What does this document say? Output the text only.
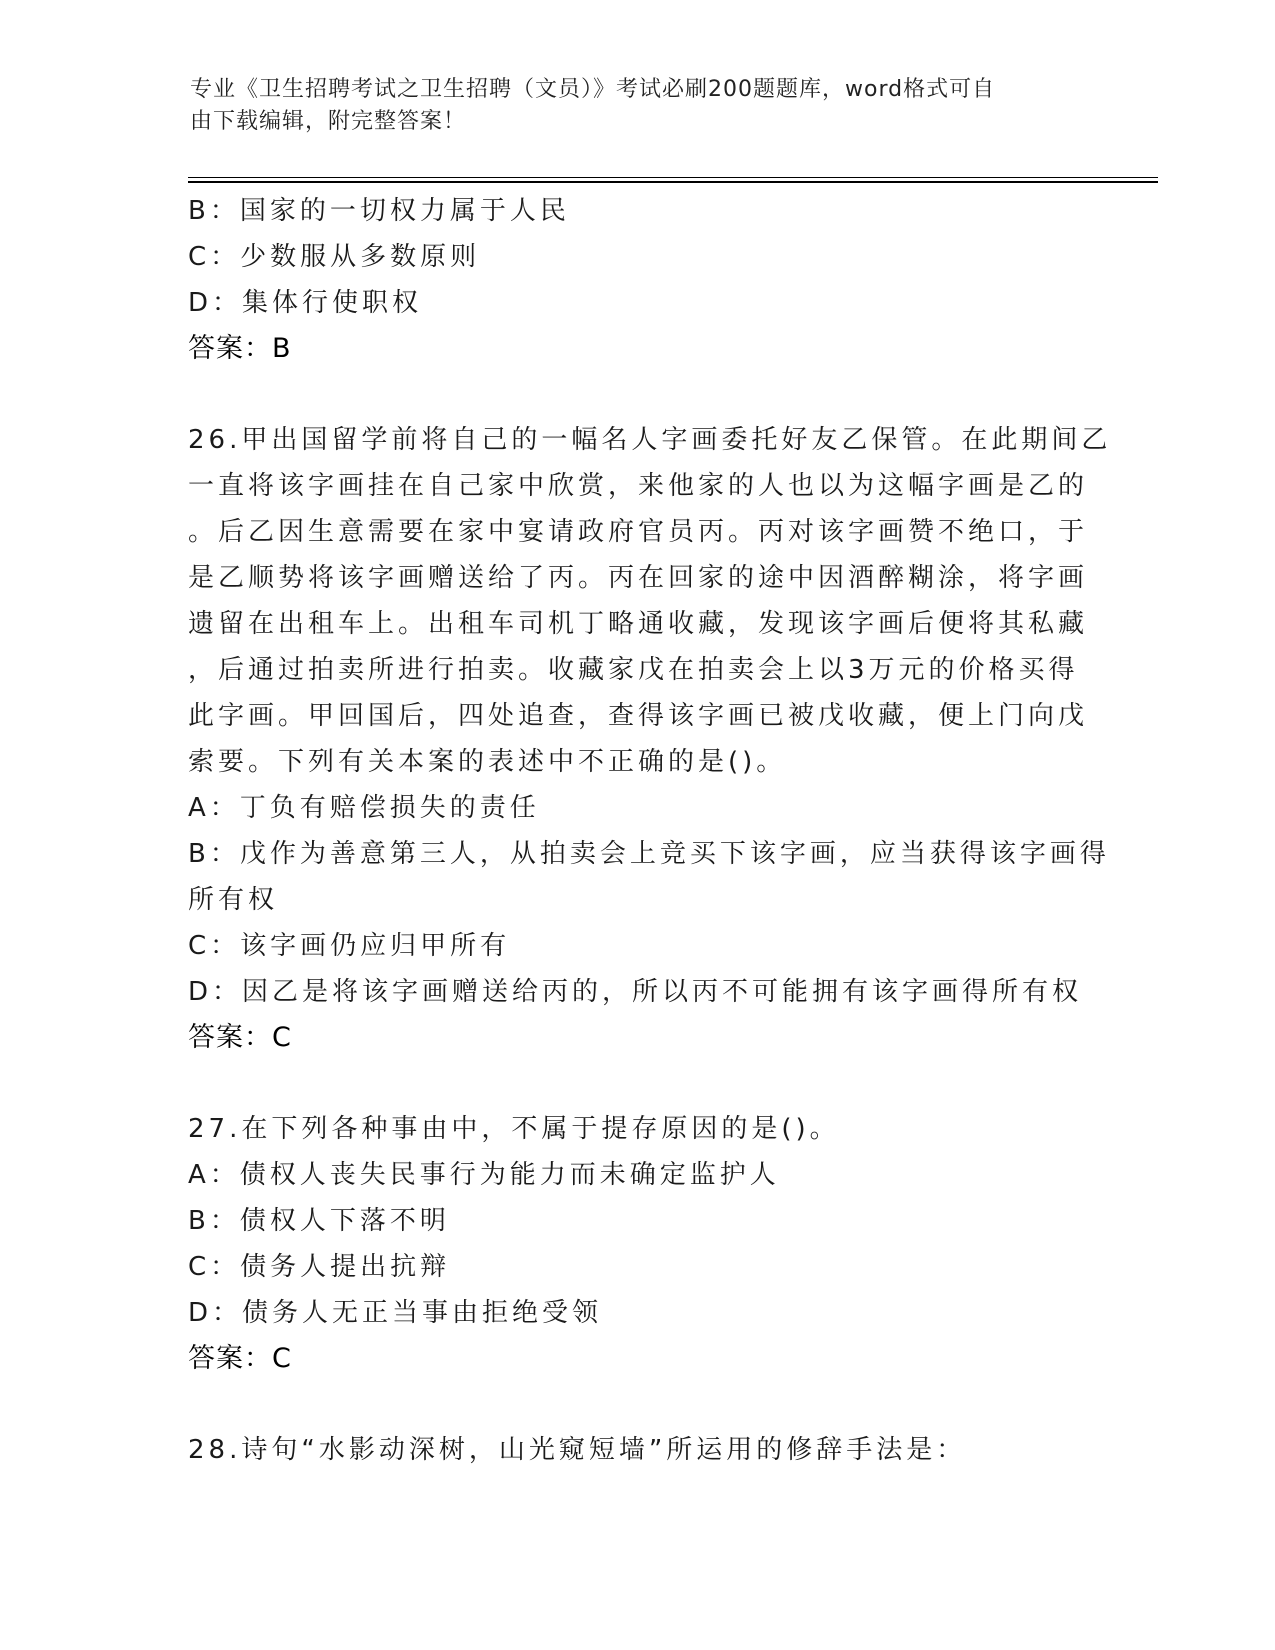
专业《卫生招聘考试之卫生招聘（文员）》考试必刷200题题库，word格式可自
由下载编辑，附完整答案！

B：国家的一切权力属于人民

C：少数服从多数原则

D：集体行使职权

答案：B

26.甲出国留学前将自己的一幅名人字画委托好友乙保管。在此期间乙

一直将该字画挂在自己家中欣赏，来他家的人也以为这幅字画是乙的

。后乙因生意需要在家中宴请政府官员丙。丙对该字画赞不绝口，于

是乙顺势将该字画赠送给了丙。丙在回家的途中因酒醉糊涂，将字画

遗留在出租车上。出租车司机丁略通收藏，发现该字画后便将其私藏

，后通过拍卖所进行拍卖。收藏家戊在拍卖会上以3万元的价格买得

此字画。甲回国后，四处追查，查得该字画已被戊收藏，便上门向戊

索要。下列有关本案的表述中不正确的是()。

A：丁负有赔偿损失的责任

B：戊作为善意第三人，从拍卖会上竞买下该字画，应当获得该字画得

所有权

C：该字画仍应归甲所有

D：因乙是将该字画赠送给丙的，所以丙不可能拥有该字画得所有权

答案：C

27.在下列各种事由中，不属于提存原因的是()。

A：债权人丧失民事行为能力而未确定监护人

B：债权人下落不明

C：债务人提出抗辩

D：债务人无正当事由拒绝受领

答案：C

28.诗句“水影动深树，山光窥短墙”所运用的修辞手法是：
